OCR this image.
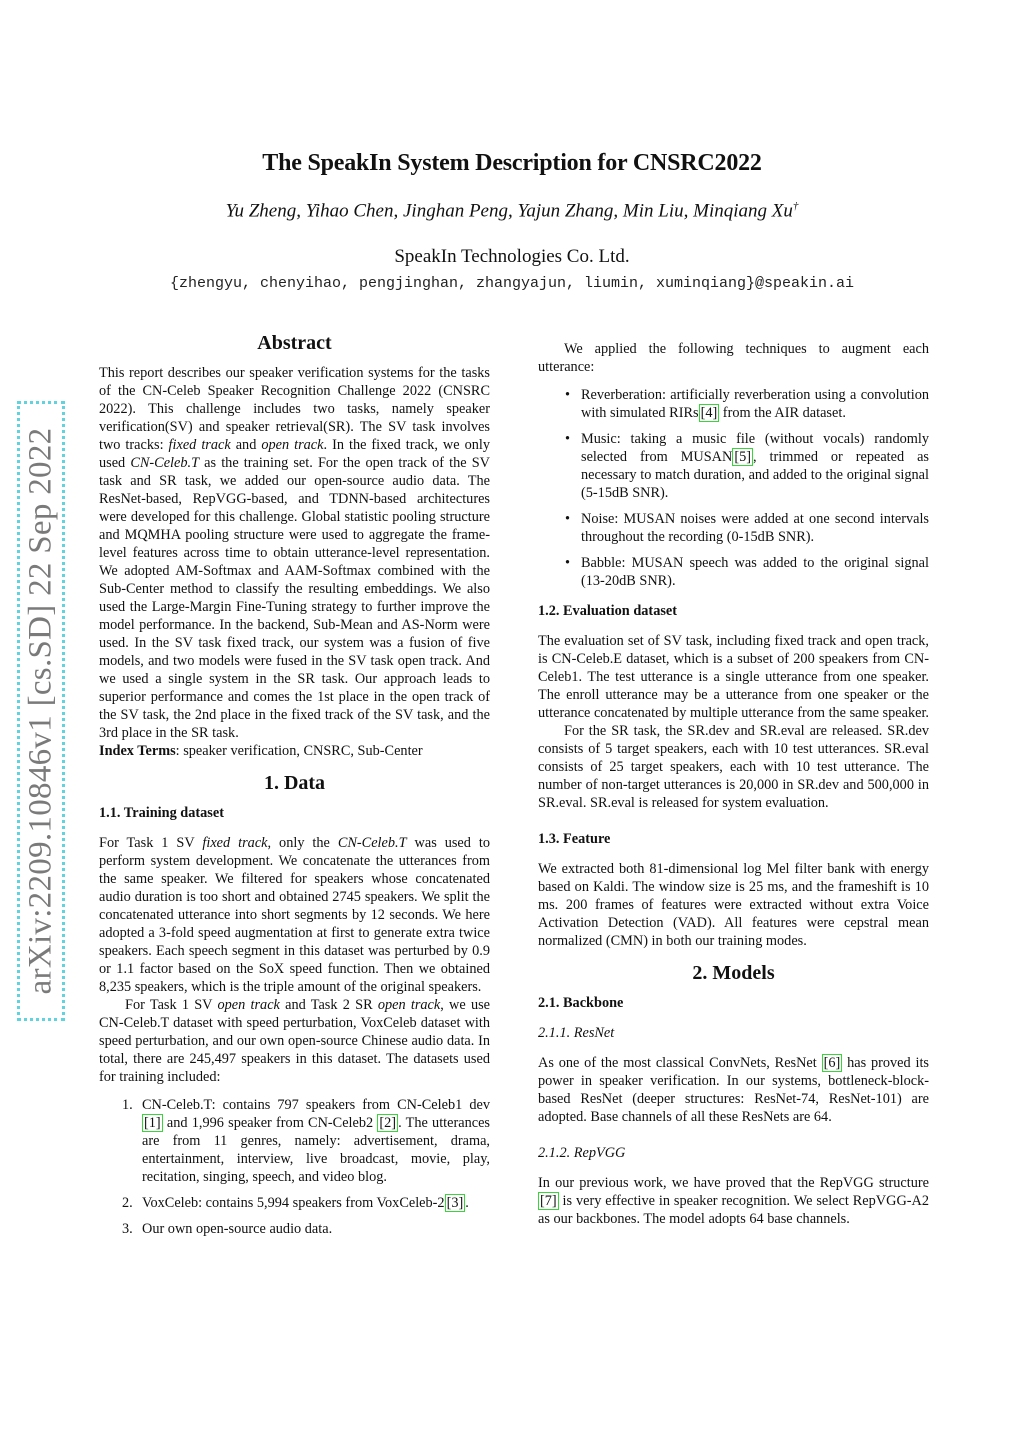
The SpeakIn System Description for CNSRC2022
Yu Zheng, Yihao Chen, Jinghan Peng, Yajun Zhang, Min Liu, Minqiang Xu†
SpeakIn Technologies Co. Ltd.
{zhengyu, chenyihao, pengjinghan, zhangyajun, liumin, xuminqiang}@speakin.ai
arXiv:2209.10846v1 [cs.SD] 22 Sep 2022
Abstract

This report describes our speaker verification systems for the tasks of the CN-Celeb Speaker Recognition Challenge 2022 (CNSRC 2022). This challenge includes two tasks, namely speaker verification(SV) and speaker retrieval(SR). The SV task involves two tracks: fixed track and open track. In the fixed track, we only used CN-Celeb.T as the training set. For the open track of the SV task and SR task, we added our open-source audio data. The ResNet-based, RepVGG-based, and TDNN-based architectures were developed for this challenge. Global statistic pooling structure and MQMHA pooling structure were used to aggregate the frame-level features across time to obtain utterance-level representation. We adopted AM-Softmax and AAM-Softmax combined with the Sub-Center method to classify the resulting embeddings. We also used the Large-Margin Fine-Tuning strategy to further improve the model performance. In the backend, Sub-Mean and AS-Norm were used. In the SV task fixed track, our system was a fusion of five models, and two models were fused in the SV task open track. And we used a single system in the SR task. Our approach leads to superior performance and comes the 1st place in the open track of the SV task, the 2nd place in the fixed track of the SV task, and the 3rd place in the SR task.

Index Terms: speaker verification, CNSRC, Sub-Center

1. Data
1.1. Training dataset

For Task 1 SV fixed track, only the CN-Celeb.T was used to perform system development. We concatenate the utterances from the same speaker. We filtered for speakers whose concatenated audio duration is too short and obtained 2745 speakers. We split the concatenated utterance into short segments by 12 seconds. We here adopted a 3-fold speed augmentation at first to generate extra twice speakers. Each speech segment in this dataset was perturbed by 0.9 or 1.1 factor based on the SoX speed function. Then we obtained 8,235 speakers, which is the triple amount of the original speakers.

For Task 1 SV open track and Task 2 SR open track, we use CN-Celeb.T dataset with speed perturbation, VoxCeleb dataset with speed perturbation, and our own open-source Chinese audio data. In total, there are 245,497 speakers in this dataset. The datasets used for training included:

1. CN-Celeb.T: contains 797 speakers from CN-Celeb1 dev [1] and 1,996 speaker from CN-Celeb2 [2] . The utterances are from 11 genres, namely: advertisement, drama, entertainment, interview, live broadcast, movie, play, recitation, singing, speech, and video blog.
2. VoxCeleb: contains 5,994 speakers from VoxCeleb-2 [3] .
3. Our own open-source audio data.

We applied the following techniques to augment each utterance:

• Reverberation: artificially reverberation using a convolution with simulated RIRs [4] from the AIR dataset.
• Music: taking a music file (without vocals) randomly selected from MUSAN [5] , trimmed or repeated as necessary to match duration, and added to the original signal (5-15dB SNR).
• Noise: MUSAN noises were added at one second intervals throughout the recording (0-15dB SNR).
• Babble: MUSAN speech was added to the original signal (13-20dB SNR).
1.2. Evaluation dataset

The evaluation set of SV task, including fixed track and open track, is CN-Celeb.E dataset, which is a subset of 200 speakers from CN-Celeb1. The test utterance is a single utterance from one speaker. The enroll utterance may be a utterance from one speaker or the utterance concatenated by multiple utterance from the same speaker.

For the SR task, the SR.dev and SR.eval are released. SR.dev consists of 5 target speakers, each with 10 test utterances. SR.eval consists of 25 target speakers, each with 10 test utterance. The number of non-target utterances is 20,000 in SR.dev and 500,000 in SR.eval. SR.eval is released for system evaluation.

1.3. Feature

We extracted both 81-dimensional log Mel filter bank with energy based on Kaldi. The window size is 25 ms, and the frameshift is 10 ms. 200 frames of features were extracted without extra Voice Activation Detection (VAD). All features were cepstral mean normalized (CMN) in both our training modes.

2. Models
2.1. Backbone
2.1.1. ResNet

As one of the most classical ConvNets, ResNet [6] has proved its power in speaker verification. In our systems, bottleneck-block-based ResNet (deeper structures: ResNet-74, ResNet-101) are adopted. Base channels of all these ResNets are 64.

2.1.2. RepVGG

In our previous work, we have proved that the RepVGG structure [7] is very effective in speaker recognition. We select RepVGG-A2 as our backbones. The model adopts 64 base channels.
